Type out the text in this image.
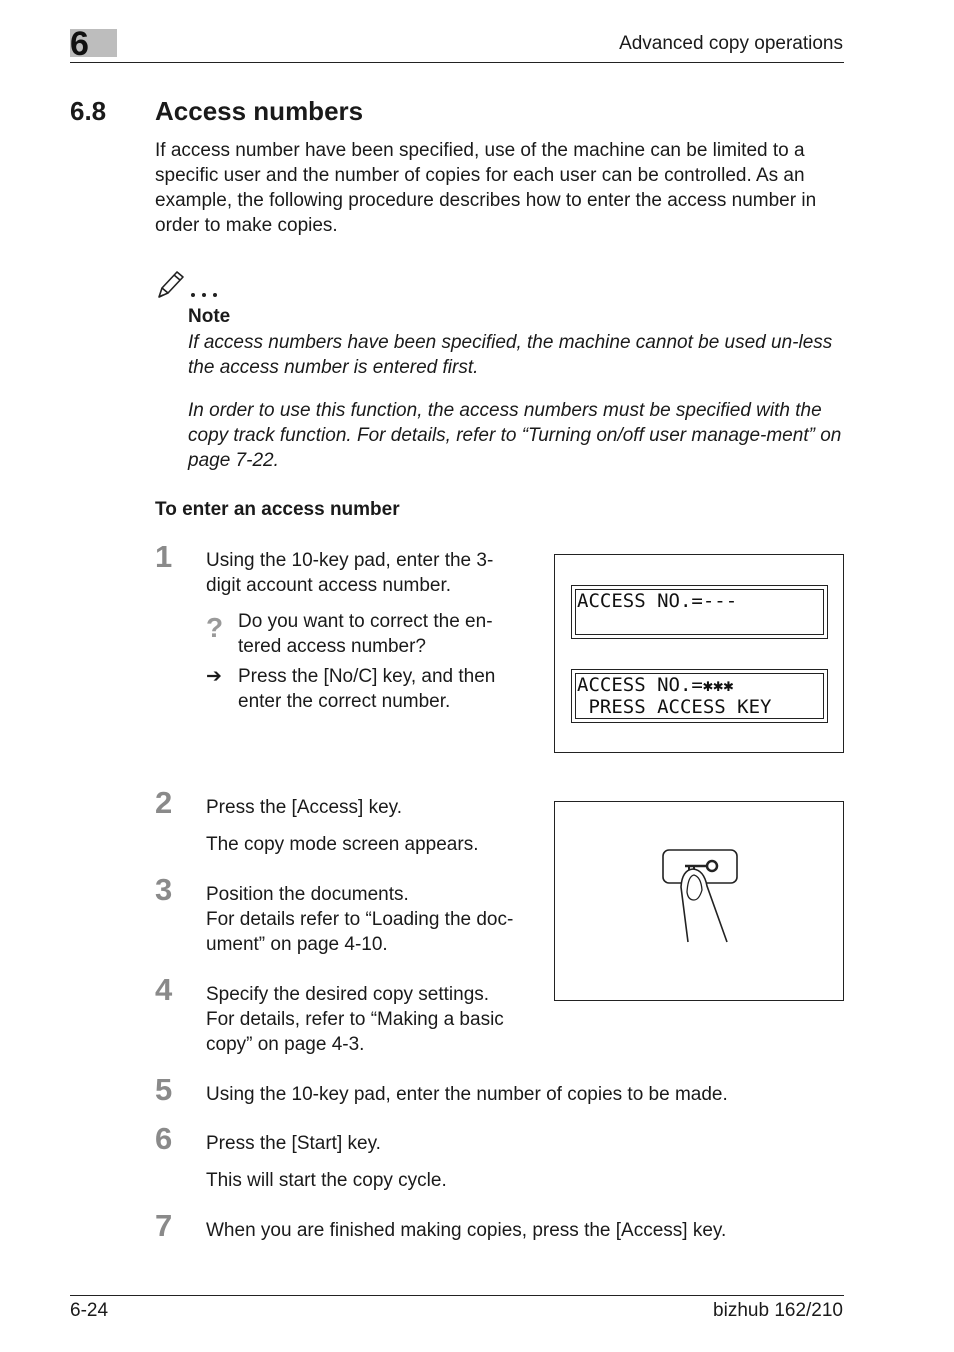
6	Advanced copy operations
6.8 Access numbers
If access number have been specified, use of the machine can be limited to a specific user and the number of copies for each user can be controlled. As an example, the following procedure describes how to enter the access number in order to make copies.
Note
If access numbers have been specified, the machine cannot be used un-less the access number is entered first.
In order to use this function, the access numbers must be specified with the copy track function. For details, refer to “Turning on/off user manage-ment” on page 7-22.
To enter an access number
1 Using the 10-key pad, enter the 3-digit account access number.
? Do you want to correct the en-tered access number?
➔ Press the [No/C] key, and then enter the correct number.
ACCESS NO.=---
ACCESS NO.=✱✱✱
PRESS ACCESS KEY
2 Press the [Access] key.
The copy mode screen appears.
3 Position the documents.
For details refer to “Loading the doc-ument” on page 4-10.
4 Specify the desired copy settings.
For details, refer to “Making a basic copy” on page 4-3.
5 Using the 10-key pad, enter the number of copies to be made.
6 Press the [Start] key.
This will start the copy cycle.
7 When you are finished making copies, press the [Access] key.
6-24	bizhub 162/210
